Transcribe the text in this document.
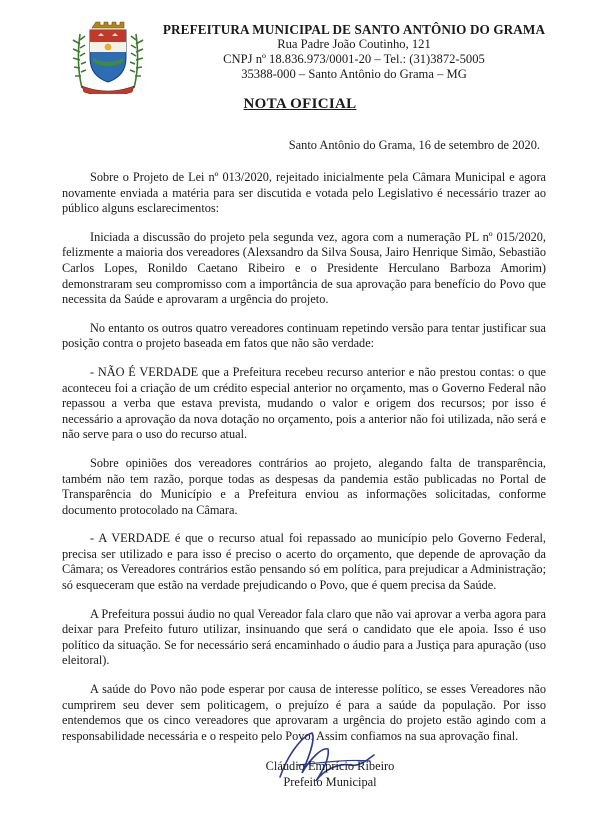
PREFEITURA MUNICIPAL DE SANTO ANTÔNIO DO GRAMA
Rua Padre João Coutinho, 121
CNPJ nº 18.836.973/0001-20 – Tel.: (31)3872-5005
35388-000 – Santo Antônio do Grama – MG
NOTA OFICIAL
Santo Antônio do Grama, 16 de setembro de 2020.

Sobre o Projeto de Lei nº 013/2020, rejeitado inicialmente pela Câmara Municipal e agora novamente enviada a matéria para ser discutida e votada pelo Legislativo é necessário trazer ao público alguns esclarecimentos:

Iniciada a discussão do projeto pela segunda vez, agora com a numeração PL nº 015/2020, felizmente a maioria dos vereadores (Alexsandro da Silva Sousa, Jairo Henrique Simão, Sebastião Carlos Lopes, Ronildo Caetano Ribeiro e o Presidente Herculano Barboza Amorim) demonstraram seu compromisso com a importância de sua aprovação para benefício do Povo que necessita da Saúde e aprovaram a urgência do projeto.

No entanto os outros quatro vereadores continuam repetindo versão para tentar justificar sua posição contra o projeto baseada em fatos que não são verdade:

- NÃO É VERDADE que a Prefeitura recebeu recurso anterior e não prestou contas: o que aconteceu foi a criação de um crédito especial anterior no orçamento, mas o Governo Federal não repassou a verba que estava prevista, mudando o valor e origem dos recursos; por isso é necessário a aprovação da nova dotação no orçamento, pois a anterior não foi utilizada, não será e não serve para o uso do recurso atual.

Sobre opiniões dos vereadores contrários ao projeto, alegando falta de transparência, também não tem razão, porque todas as despesas da pandemia estão publicadas no Portal de Transparência do Município e a Prefeitura enviou as informações solicitadas, conforme documento protocolado na Câmara.

- A VERDADE é que o recurso atual foi repassado ao município pelo Governo Federal, precisa ser utilizado e para isso é preciso o acerto do orçamento, que depende de aprovação da Câmara; os Vereadores contrários estão pensando só em política, para prejudicar a Administração; só esqueceram que estão na verdade prejudicando o Povo, que é quem precisa da Saúde.

A Prefeitura possui áudio no qual Vereador fala claro que não vai aprovar a verba agora para deixar para Prefeito futuro utilizar, insinuando que será o candidato que ele apoia. Isso é uso político da situação. Se for necessário será encaminhado o áudio para a Justiça para apuração (uso eleitoral).

A saúde do Povo não pode esperar por causa de interesse político, se esses Vereadores não cumprirem seu dever sem politicagem, o prejuízo é para a saúde da população. Por isso entendemos que os cinco vereadores que aprovaram a urgência do projeto estão agindo com a responsabilidade necessária e o respeito pelo Povo. Assim confiamos na sua aprovação final.

Cláudio Emprício Ribeiro
Prefeito Municipal
